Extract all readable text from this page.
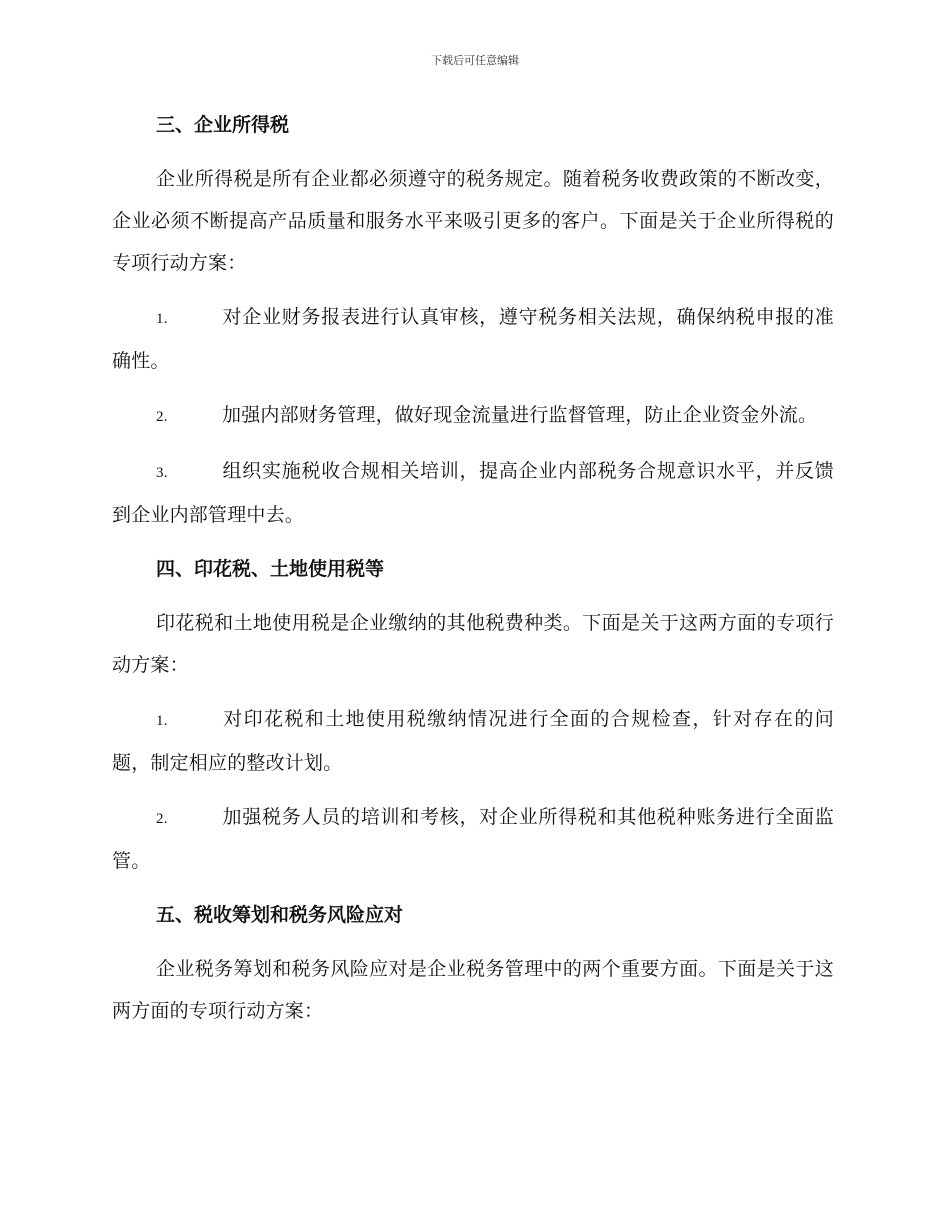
下载后可任意编辑
三、企业所得税
企业所得税是所有企业都必须遵守的税务规定。随着税务收费政策的不断改变，企业必须不断提高产品质量和服务水平来吸引更多的客户。下面是关于企业所得税的专项行动方案：
1.	对企业财务报表进行认真审核，遵守税务相关法规，确保纳税申报的准确性。
2.	加强内部财务管理，做好现金流量进行监督管理，防止企业资金外流。
3.	组织实施税收合规相关培训，提高企业内部税务合规意识水平，并反馈到企业内部管理中去。
四、印花税、土地使用税等
印花税和土地使用税是企业缴纳的其他税费种类。下面是关于这两方面的专项行动方案：
1.	对印花税和土地使用税缴纳情况进行全面的合规检查，针对存在的问题，制定相应的整改计划。
2.	加强税务人员的培训和考核，对企业所得税和其他税种账务进行全面监管。
五、税收筹划和税务风险应对
企业税务筹划和税务风险应对是企业税务管理中的两个重要方面。下面是关于这两方面的专项行动方案：
